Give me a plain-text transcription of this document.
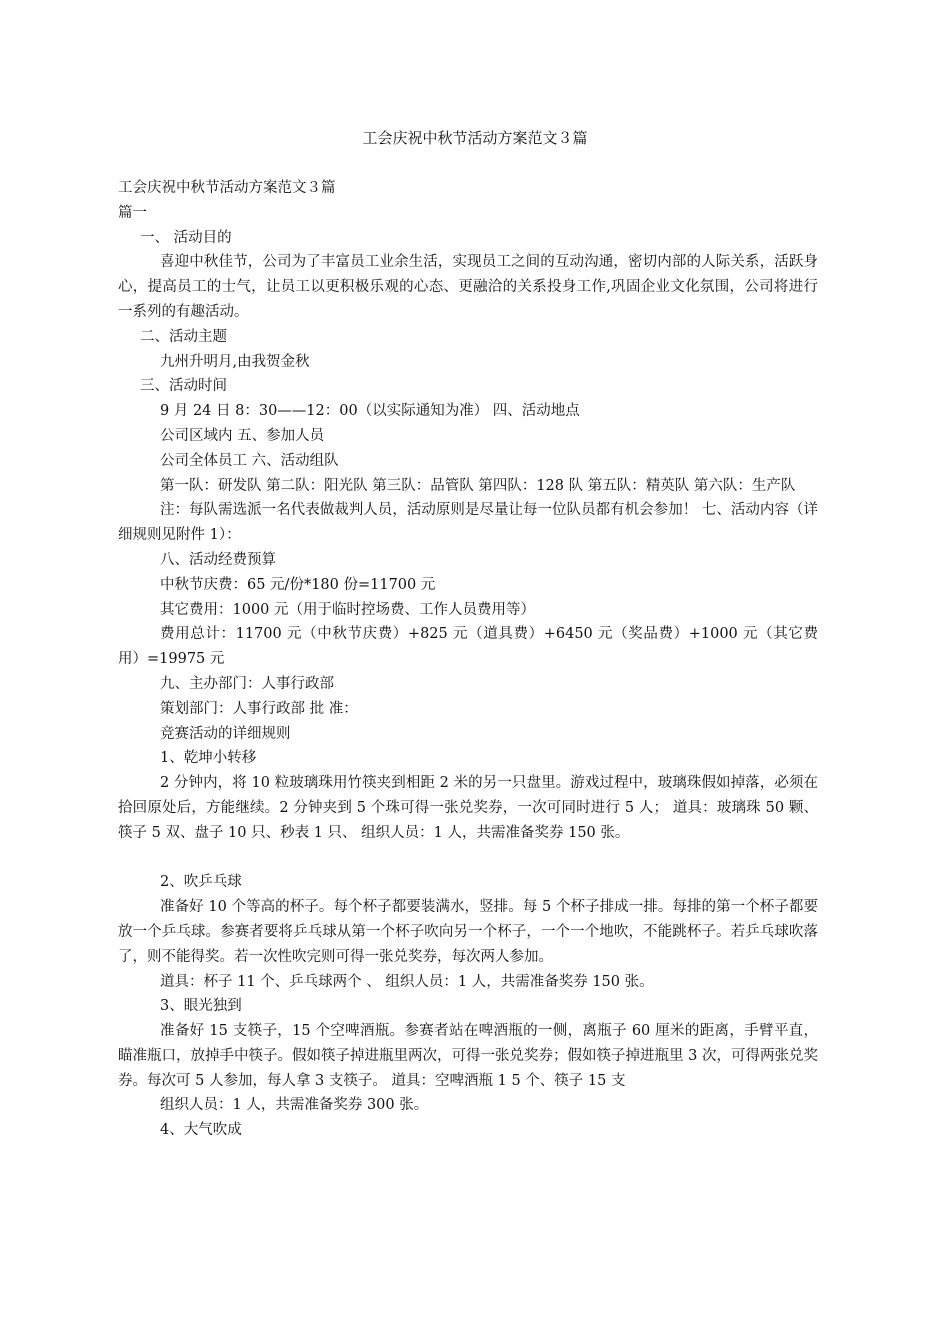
工会庆祝中秋节活动方案范文３篇
工会庆祝中秋节活动方案范文３篇
篇一
一、 活动目的
喜迎中秋佳节，公司为了丰富员工业余生活，实现员工之间的互动沟通，密切内部的人际关系，活跃身心，提高员工的士气，让员工以更积极乐观的心态、更融洽的关系投身工作,巩固企业文化氛围，公司将进行一系列的有趣活动。
二、活动主题
九州升明月,由我贺金秋
三、活动时间
9 月 24 日 8：30——12：00（以实际通知为准） 四、活动地点
公司区域内 五、参加人员
公司全体员工 六、活动组队
第一队：研发队 第二队：阳光队 第三队：品管队 第四队：128 队 第五队：精英队 第六队：生产队
注：每队需选派一名代表做裁判人员，活动原则是尽量让每一位队员都有机会参加！ 七、活动内容（详细规则见附件 1）：
八、活动经费预算
中秋节庆费：65 元/份*180 份=11700 元
其它费用：1000 元（用于临时控场费、工作人员费用等）
费用总计：11700 元（中秋节庆费）+825 元（道具费）+6450 元（奖品费）+1000 元（其它费用）=19975 元
九、主办部门：人事行政部
策划部门：人事行政部 批 准：
竞赛活动的详细规则
1、乾坤小转移
2 分钟内，将 10 粒玻璃珠用竹筷夹到相距 2 米的另一只盘里。游戏过程中，玻璃珠假如掉落，必须在拾回原处后，方能继续。2 分钟夹到 5 个珠可得一张兑奖券，一次可同时进行 5 人； 道具：玻璃珠 50 颗、筷子 5 双、盘子 10 只、秒表 1 只、 组织人员：1 人，共需准备奖券 150 张。
2、吹乒乓球
准备好 10 个等高的杯子。每个杯子都要装满水，竖排。每 5 个杯子排成一排。每排的第一个杯子都要放一个乒乓球。参赛者要将乒乓球从第一个杯子吹向另一个杯子，一个一个地吹，不能跳杯子。若乒乓球吹落了，则不能得奖。若一次性吹完则可得一张兑奖券，每次两人参加。
道具：杯子 11 个、乒乓球两个 、 组织人员：1 人，共需准备奖券 150 张。
3、眼光独到
准备好 15 支筷子，15 个空啤酒瓶。参赛者站在啤酒瓶的一侧，离瓶子 60 厘米的距离，手臂平直，瞄准瓶口，放掉手中筷子。假如筷子掉进瓶里两次，可得一张兑奖券；假如筷子掉进瓶里 3 次，可得两张兑奖券。每次可 5 人参加，每人拿 3 支筷子。 道具：空啤酒瓶 1 5 个、筷子 15 支
组织人员：1 人，共需准备奖券 300 张。
4、大气吹成
